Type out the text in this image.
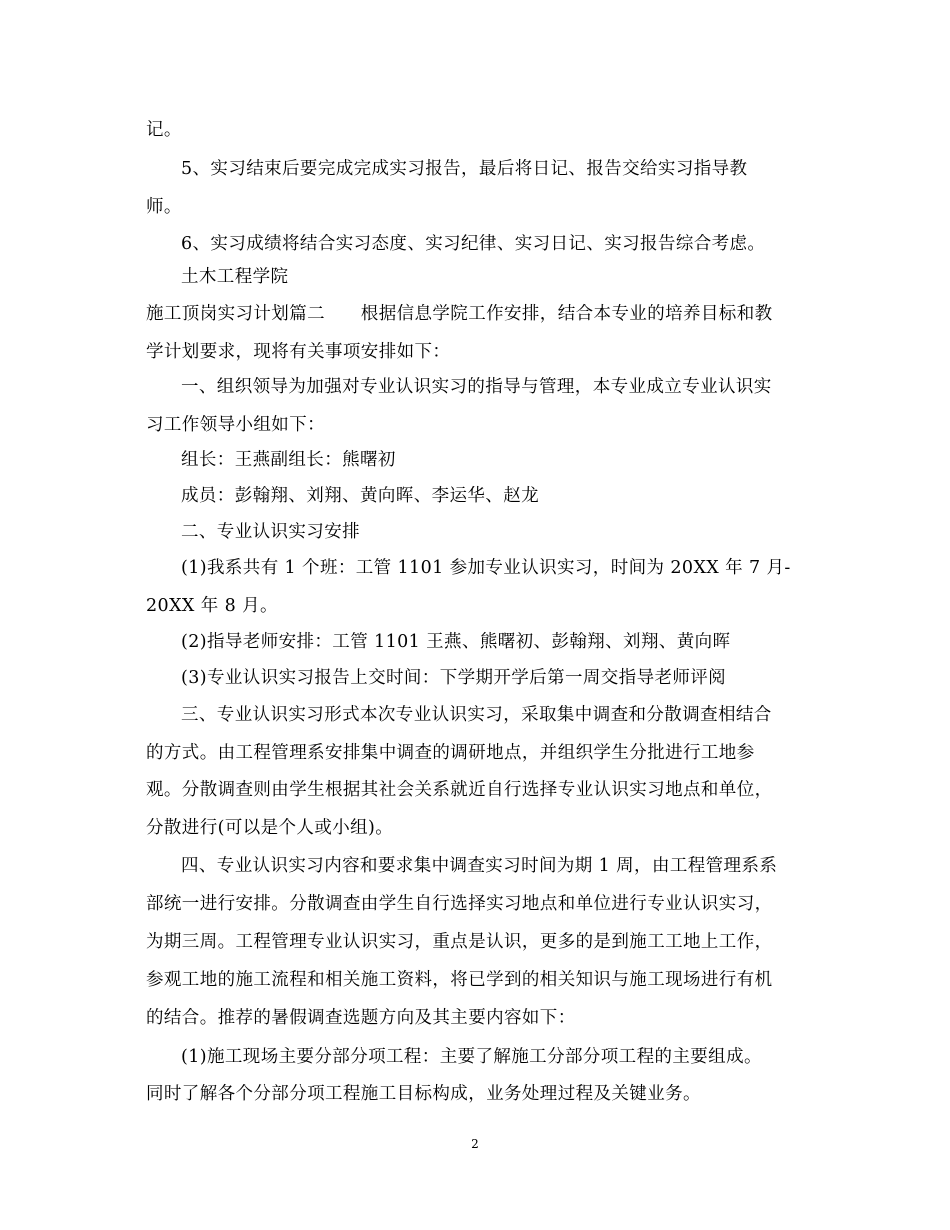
记。
5、实习结束后要完成完成实习报告，最后将日记、报告交给实习指导教
师。
6、实习成绩将结合实习态度、实习纪律、实习日记、实习报告综合考虑。
土木工程学院
施工顶岗实习计划篇二　　根据信息学院工作安排，结合本专业的培养目标和教
学计划要求，现将有关事项安排如下：
一、组织领导为加强对专业认识实习的指导与管理，本专业成立专业认识实
习工作领导小组如下：
组长：王燕副组长：熊曙初
成员：彭翰翔、刘翔、黄向晖、李运华、赵龙
二、专业认识实习安排
(1)我系共有 1 个班：工管 1101 参加专业认识实习，时间为 20XX 年 7 月-
20XX 年 8 月。
(2)指导老师安排：工管 1101 王燕、熊曙初、彭翰翔、刘翔、黄向晖
(3)专业认识实习报告上交时间：下学期开学后第一周交指导老师评阅
三、专业认识实习形式本次专业认识实习，采取集中调查和分散调查相结合
的方式。由工程管理系安排集中调查的调研地点，并组织学生分批进行工地参
观。分散调查则由学生根据其社会关系就近自行选择专业认识实习地点和单位，
分散进行(可以是个人或小组)。
四、专业认识实习内容和要求集中调查实习时间为期 1 周，由工程管理系系
部统一进行安排。分散调查由学生自行选择实习地点和单位进行专业认识实习，
为期三周。工程管理专业认识实习，重点是认识，更多的是到施工工地上工作，
参观工地的施工流程和相关施工资料，将已学到的相关知识与施工现场进行有机
的结合。推荐的暑假调查选题方向及其主要内容如下：
(1)施工现场主要分部分项工程：主要了解施工分部分项工程的主要组成。
同时了解各个分部分项工程施工目标构成，业务处理过程及关键业务。
2
